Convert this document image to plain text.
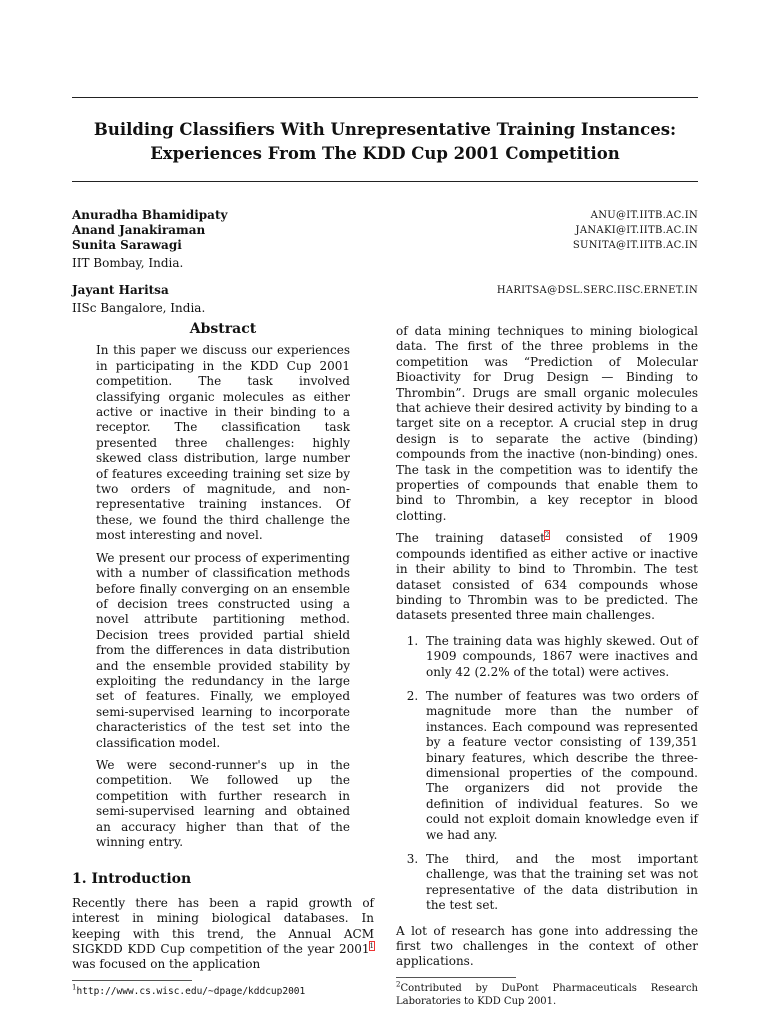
Building Classifiers With Unrepresentative Training Instances:
Experiences From The KDD Cup 2001 Competition
Anuradha Bhamidipaty	ANU@IT.IITB.AC.IN
Anand Janakiraman	JANAKI@IT.IITB.AC.IN
Sunita Sarawagi	SUNITA@IT.IITB.AC.IN
IIT Bombay, India.
Jayant Haritsa	HARITSA@DSL.SERC.IISC.ERNET.IN
IISc Bangalore, India.
Abstract

In this paper we discuss our experiences in participating in the KDD Cup 2001 competition. The task involved classifying organic molecules as either active or inactive in their binding to a receptor. The classification task presented three challenges: highly skewed class distribution, large number of features exceeding training set size by two orders of magnitude, and non-representative training instances. Of these, we found the third challenge the most interesting and novel.

We present our process of experimenting with a number of classification methods before finally converging on an ensemble of decision trees constructed using a novel attribute partitioning method. Decision trees provided partial shield from the differences in data distribution and the ensemble provided stability by exploiting the redundancy in the large set of features. Finally, we employed semi-supervised learning to incorporate characteristics of the test set into the classification model.

We were second-runner's up in the competition. We followed up the competition with further research in semi-supervised learning and obtained an accuracy higher than that of the winning entry.

1. Introduction

Recently there has been a rapid growth of interest in mining biological databases. In keeping with this trend, the Annual ACM SIGKDD KDD Cup competition of the year 2001$^1$ was focused on the application

$^1$http://www.cs.wisc.edu/~dpage/kddcup2001

of data mining techniques to mining biological data. The first of the three problems in the competition was “Prediction of Molecular Bioactivity for Drug Design — Binding to Thrombin”. Drugs are small organic molecules that achieve their desired activity by binding to a target site on a receptor. A crucial step in drug design is to separate the active (binding) compounds from the inactive (non-binding) ones. The task in the competition was to identify the properties of compounds that enable them to bind to Thrombin, a key receptor in blood clotting.

The training dataset$^2$ consisted of 1909 compounds identified as either active or inactive in their ability to bind to Thrombin. The test dataset consisted of 634 compounds whose binding to Thrombin was to be predicted. The datasets presented three main challenges.

1. The training data was highly skewed. Out of 1909 compounds, 1867 were inactives and only 42 (2.2% of the total) were actives.
2. The number of features was two orders of magnitude more than the number of instances. Each compound was represented by a feature vector consisting of 139,351 binary features, which describe the three-dimensional properties of the compound. The organizers did not provide the definition of individual features. So we could not exploit domain knowledge even if we had any.
3. The third, and the most important challenge, was that the training set was not representative of the data distribution in the test set.

A lot of research has gone into addressing the first two challenges in the context of other applications.

$^2$Contributed by DuPont Pharmaceuticals Research Laboratories to KDD Cup 2001.
